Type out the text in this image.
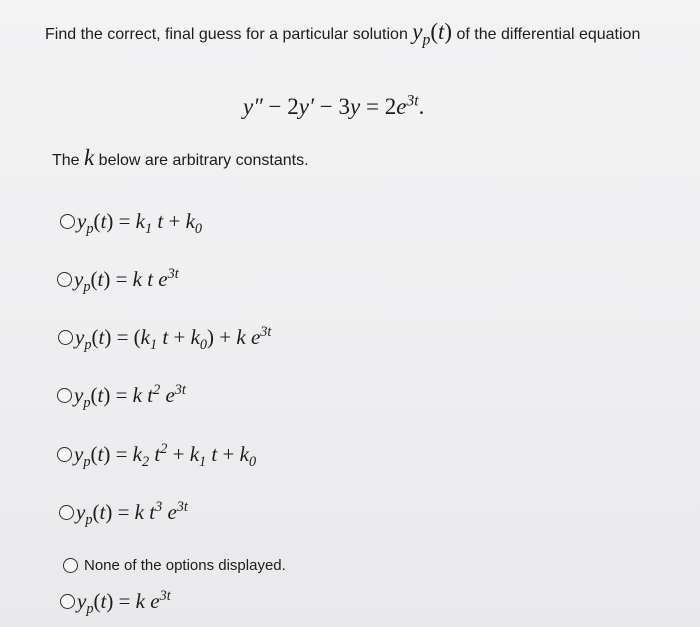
Find the correct, final guess for a particular solution $y_p(t)$ of the differential equation
$y'' - 2y' - 3y = 2e^{3t}$.
The k below are arbitrary constants.
$y_p(t) = k_1$ $t + k_0$
$y_p(t) = k$ t $e^{3t}$
$y_p(t) = (k_1$ $t + k_0) + k$ $e^{3t}$
$y_p(t) = k$ $t^2$ $e^{3t}$
$y_p(t) = k_2$ $t^2 + k_1$ $t + k_0$
$y_p(t) = k$ $t^3$ $e^{3t}$
None of the options displayed.
$y_p(t) = k$ $e^{3t}$
